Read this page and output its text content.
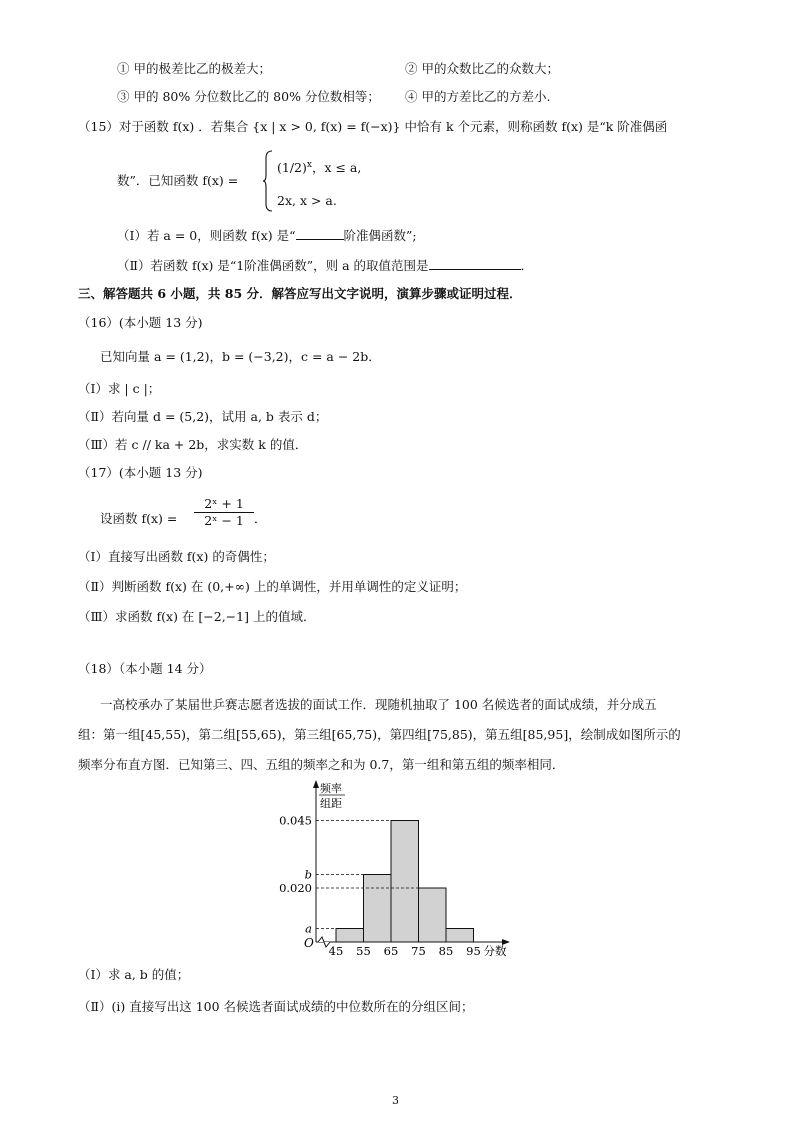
① 甲的极差比乙的极差大；	② 甲的众数比乙的众数大；
③ 甲的 80% 分位数比乙的 80% 分位数相等； ④ 甲的方差比乙的方差小.
（15）对于函数 f(x) ．若集合 {x | x > 0, f(x) = f(−x)} 中恰有 k 个元素，则称函数 f(x) 是“k 阶准偶函
数”．已知函数 f(x) =
$(1/2)^x$，x ≤ a,
2x, x > a.
（Ⅰ）若 a = 0，则函数 f(x) 是“	阶准偶函数”;
（Ⅱ）若函数 f(x) 是“1阶准偶函数”，则 a 的取值范围是	．
三、解答题共 6 小题，共 85 分．解答应写出文字说明，演算步骤或证明过程．
（16）(本小题 13 分)
已知向量 a = (1,2)，b = (−3,2)，c = a − 2b．
（Ⅰ）求 | c |；
（Ⅱ）若向量 d = (5,2)，试用 a, b 表示 d；
（Ⅲ）若 c // ka + 2b，求实数 k 的值．
（17）(本小题 13 分)
设函数 $f(x) = \frac{\text{2ˣ + 1}}{\text{2ˣ − 1}}$ ．
（Ⅰ）直接写出函数 f(x) 的奇偶性；
（Ⅱ）判断函数 f(x) 在 (0,+∞) 上的单调性，并用单调性的定义证明；
（Ⅲ）求函数 f(x) 在 [−2,−1] 上的值域．
（18）（本小题 14 分）
一高校承办了某届世乒赛志愿者选拔的面试工作．现随机抽取了 100 名候选者的面试成绩，并分成五
组：第一组[45,55)，第二组[55,65)，第三组[65,75)，第四组[75,85)，第五组[85,95]，绘制成如图所示的
频率分布直方图．已知第三、四、五组的频率之和为 0.7，第一组和第五组的频率相同．
O
频率
组距
a
0.020
b
0.045
45 55 65 75 85 95 分数
（Ⅰ）求 a, b 的值；
（Ⅱ）(ⅰ) 直接写出这 100 名候选者面试成绩的中位数所在的分组区间；
3
